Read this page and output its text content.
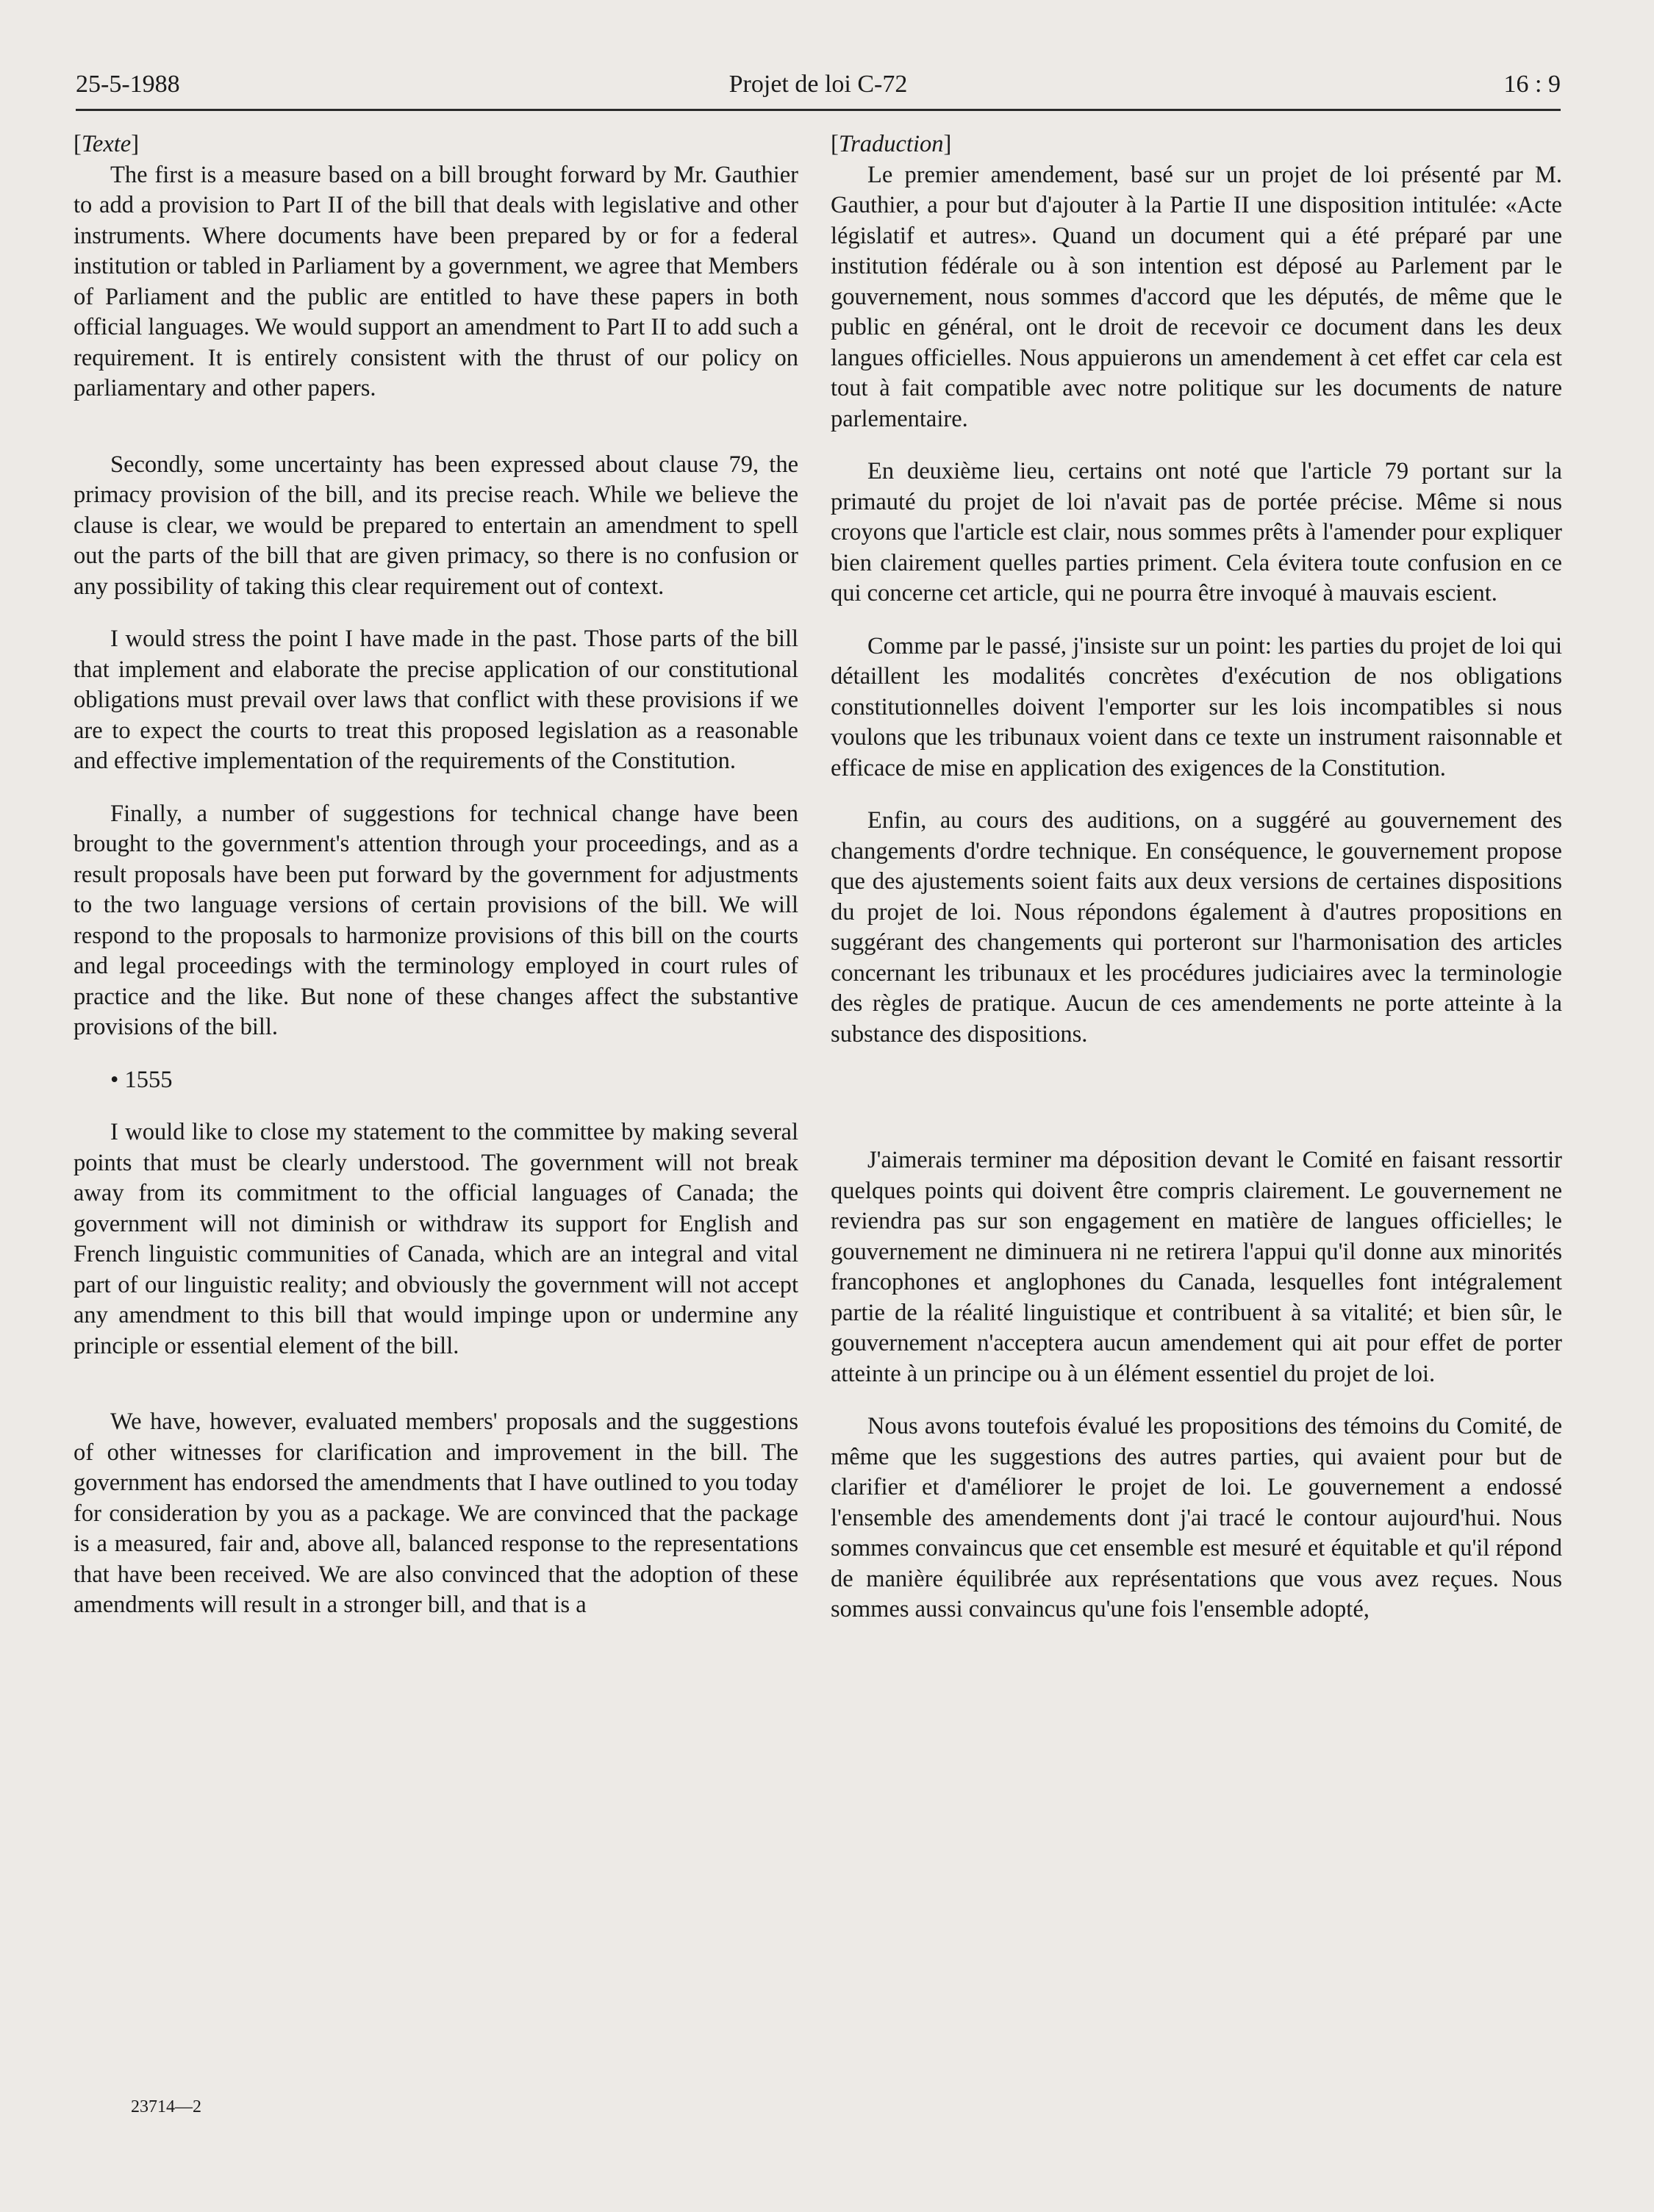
25-5-1988	Projet de loi C-72	16 : 9

[Texte]

The first is a measure based on a bill brought forward by Mr. Gauthier to add a provision to Part II of the bill that deals with legislative and other instruments. Where documents have been prepared by or for a federal institution or tabled in Parliament by a government, we agree that Members of Parliament and the public are entitled to have these papers in both official languages. We would support an amendment to Part II to add such a requirement. It is entirely consistent with the thrust of our policy on parliamentary and other papers.

Secondly, some uncertainty has been expressed about clause 79, the primacy provision of the bill, and its precise reach. While we believe the clause is clear, we would be prepared to entertain an amendment to spell out the parts of the bill that are given primacy, so there is no confusion or any possibility of taking this clear requirement out of context.

I would stress the point I have made in the past. Those parts of the bill that implement and elaborate the precise application of our constitutional obligations must prevail over laws that conflict with these provisions if we are to expect the courts to treat this proposed legislation as a reasonable and effective implementation of the requirements of the Constitution.

Finally, a number of suggestions for technical change have been brought to the government's attention through your proceedings, and as a result proposals have been put forward by the government for adjustments to the two language versions of certain provisions of the bill. We will respond to the proposals to harmonize provisions of this bill on the courts and legal proceedings with the terminology employed in court rules of practice and the like. But none of these changes affect the substantive provisions of the bill.

• 1555

I would like to close my statement to the committee by making several points that must be clearly understood. The government will not break away from its commitment to the official languages of Canada; the government will not diminish or withdraw its support for English and French linguistic communities of Canada, which are an integral and vital part of our linguistic reality; and obviously the government will not accept any amendment to this bill that would impinge upon or undermine any principle or essential element of the bill.

We have, however, evaluated members' proposals and the suggestions of other witnesses for clarification and improvement in the bill. The government has endorsed the amendments that I have outlined to you today for consideration by you as a package. We are convinced that the package is a measured, fair and, above all, balanced response to the representations that have been received. We are also convinced that the adoption of these amendments will result in a stronger bill, and that is a

[Traduction]

Le premier amendement, basé sur un projet de loi présenté par M. Gauthier, a pour but d'ajouter à la Partie II une disposition intitulée: «Acte législatif et autres». Quand un document qui a été préparé par une institution fédérale ou à son intention est déposé au Parlement par le gouvernement, nous sommes d'accord que les députés, de même que le public en général, ont le droit de recevoir ce document dans les deux langues officielles. Nous appuierons un amendement à cet effet car cela est tout à fait compatible avec notre politique sur les documents de nature parlementaire.

En deuxième lieu, certains ont noté que l'article 79 portant sur la primauté du projet de loi n'avait pas de portée précise. Même si nous croyons que l'article est clair, nous sommes prêts à l'amender pour expliquer bien clairement quelles parties priment. Cela évitera toute confusion en ce qui concerne cet article, qui ne pourra être invoqué à mauvais escient.

Comme par le passé, j'insiste sur un point: les parties du projet de loi qui détaillent les modalités concrètes d'exécution de nos obligations constitutionnelles doivent l'emporter sur les lois incompatibles si nous voulons que les tribunaux voient dans ce texte un instrument raisonnable et efficace de mise en application des exigences de la Constitution.

Enfin, au cours des auditions, on a suggéré au gouvernement des changements d'ordre technique. En conséquence, le gouvernement propose que des ajustements soient faits aux deux versions de certaines dispositions du projet de loi. Nous répondons également à d'autres propositions en suggérant des changements qui porteront sur l'harmonisation des articles concernant les tribunaux et les procédures judiciaires avec la terminologie des règles de pratique. Aucun de ces amendements ne porte atteinte à la substance des dispositions.

J'aimerais terminer ma déposition devant le Comité en faisant ressortir quelques points qui doivent être compris clairement. Le gouvernement ne reviendra pas sur son engagement en matière de langues officielles; le gouvernement ne diminuera ni ne retirera l'appui qu'il donne aux minorités francophones et anglophones du Canada, lesquelles font intégralement partie de la réalité linguistique et contribuent à sa vitalité; et bien sûr, le gouvernement n'acceptera aucun amendement qui ait pour effet de porter atteinte à un principe ou à un élément essentiel du projet de loi.

Nous avons toutefois évalué les propositions des témoins du Comité, de même que les suggestions des autres parties, qui avaient pour but de clarifier et d'améliorer le projet de loi. Le gouvernement a endossé l'ensemble des amendements dont j'ai tracé le contour aujourd'hui. Nous sommes convaincus que cet ensemble est mesuré et équitable et qu'il répond de manière équilibrée aux représentations que vous avez reçues. Nous sommes aussi convaincus qu'une fois l'ensemble adopté,

23714—2
